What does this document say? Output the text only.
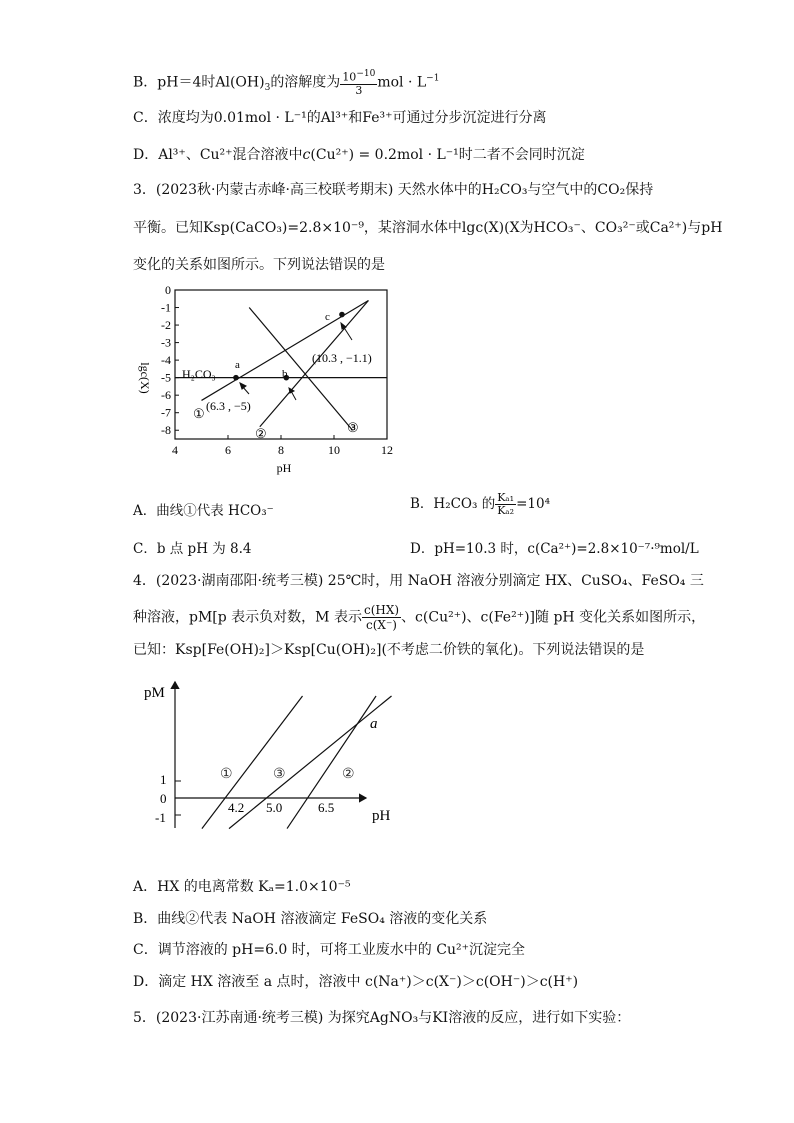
B．pH＝4时$Al(OH)_3$的溶解度为 $\frac{10^{-10}}{3}$ mol · $L^{-1}$
C．浓度均为0.01mol · L⁻¹的Al³⁺和Fe³⁺可通过分步沉淀进行分离
D．Al³⁺、Cu²⁺混合溶液中c(Cu²⁺) = 0.2mol · L⁻¹时二者不会同时沉淀
3．(2023秋·内蒙古赤峰·高三校联考期末) 天然水体中的H₂CO₃与空气中的CO₂保持
平衡。已知Ksp(CaCO₃)=2.8×10⁻⁹，某溶洞水体中lgc(X)(X为HCO₃⁻、CO₃²⁻或Ca²⁺)与pH
变化的关系如图所示。下列说法错误的是
4	6	8	10	12
0
-1
-2
-3
-4
-5
-6
-7
-8
lgc(X)
pH
H₂CO₃
(6.3 , −5)
(10.3 , −1.1)
①
②	③
a
b
c
A．曲线①代表 HCO₃⁻	B．H₂CO₃ 的 $\frac{\text{Kₐ₁}}{\text{Kₐ₂}} =10^4$
C．b 点 pH 为 8.4	D．pH=10.3 时，c(Ca²⁺)=2.8×10⁻⁷·⁹mol/L
4．(2023·湖南邵阳·统考三模) 25℃时，用 NaOH 溶液分别滴定 HX、CuSO₄、FeSO₄ 三
种溶液，pM[p 表示负对数，M 表示 $\frac{c(HX)}{c(X^-)}$ 、c(Cu²⁺)、c(Fe²⁺)]随 pH 变化关系如图所示，
已知：Ksp[Fe(OH)₂]＞Ksp[Cu(OH)₂](不考虑二价铁的氧化)。下列说法错误的是
pM
pH
1
0
-1
4.2 5.0	6.5
①	②
③
a
A．HX 的电离常数 Kₐ=1.0×10⁻⁵
B．曲线②代表 NaOH 溶液滴定 FeSO₄ 溶液的变化关系
C．调节溶液的 pH=6.0 时，可将工业废水中的 Cu²⁺沉淀完全
D．滴定 HX 溶液至 a 点时，溶液中 c(Na⁺)＞c(X⁻)＞c(OH⁻)＞c(H⁺)
5．(2023·江苏南通·统考三模) 为探究AgNO₃与KI溶液的反应，进行如下实验：
